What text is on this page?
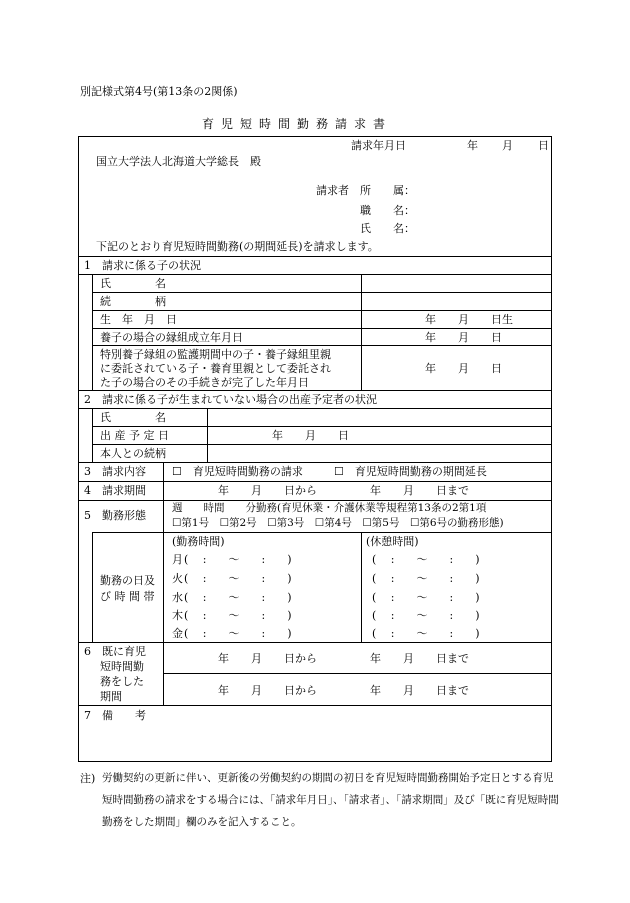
別記様式第4号(第13条の2関係)
育児短時間勤務請求書
請求年月日	年 月 日
国立大学法人北海道大学総長　殿
請求者 所　　属：
職　　名：
氏　　名：
下記のとおり育児短時間勤務(の期間延長)を請求します。
1　請求に係る子の状況
氏　　　　名
続　　　　柄
生　年　月　日	年　　月　　日生
養子の場合の縁組成立年月日	年　　月　　日
特別養子縁組の監護期間中の子・養子縁組里親
に委託されている子・養育里親として委託され
た子の場合のその手続きが完了した年月日
年　　月　　日
2　請求に係る子が生まれていない場合の出産予定者の状況
氏　　　　名
出 産 予 定 日	年　　月　　日
本人との続柄
3　請求内容 ☐　育児短時間勤務の請求	☐　育児短時間勤務の期間延長
4　請求期間	年　　月　　日から	年　　月　　日まで
5　勤務形態
週　　時間　　分勤務(育児休業・介護休業等規程第13条の2第1項
☐第1号　☐第2号　☐第3号　☐第4号　☐第5号　☐第6号の勤務形態)
勤務の日及
び 時 間 帯
(勤務時間)	(休憩時間)
月 (　 :　　〜　　:　　)	(　 :　　〜　　:　　)
火 (　 :　　〜　　:　　)	(　 :　　〜　　:　　)
水 (　 :　　〜　　:　　)	(　 :　　〜　　:　　)
木 (　 :　　〜　　:　　)	(　 :　　〜　　:　　)
金 (　 :　　〜　　:　　)	(　 :　　〜　　:　　)
6　既に育児
短時間勤
務をした
期間
年　　月　　日から	年　　月　　日まで
年　　月　　日から	年　　月　　日まで
7　備　　考
注) 労働契約の更新に伴い、更新後の労働契約の期間の初日を育児短時間勤務開始予定日とする育児短時間勤務の請求をする場合には、「請求年月日」、「請求者」、「請求期間」及び「既に育児短時間勤務をした期間」欄のみを記入すること。
